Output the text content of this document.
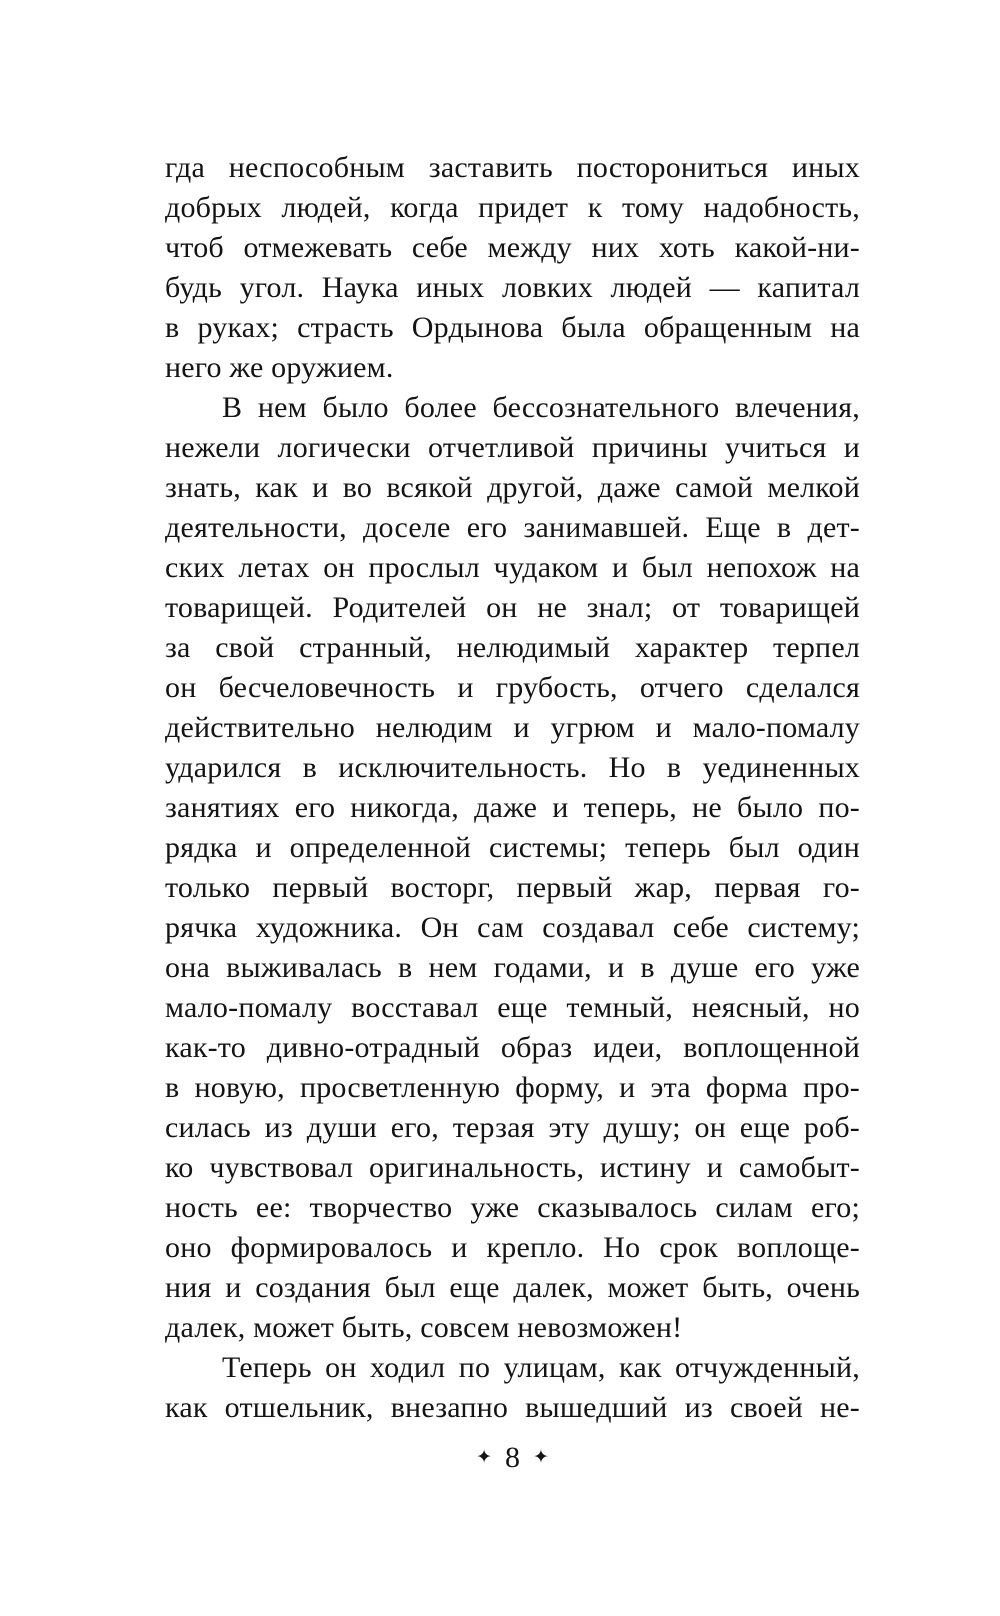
гда неспособным заставить посторониться иных
добрых людей, когда придет к тому надобность,
чтоб отмежевать себе между них хоть какой-ни-
будь угол. Наука иных ловких людей — капитал
в руках; страсть Ордынова была обращенным на
него же оружием.
В нем было более бессознательного влечения,
нежели логически отчетливой причины учиться и
знать, как и во всякой другой, даже самой мелкой
деятельности, доселе его занимавшей. Еще в дет-
ских летах он прослыл чудаком и был непохож на
товарищей. Родителей он не знал; от товарищей
за свой странный, нелюдимый характер терпел
он бесчеловечность и грубость, отчего сделался
действительно нелюдим и угрюм и мало-помалу
ударился в исключительность. Но в уединенных
занятиях его никогда, даже и теперь, не было по-
рядка и определенной системы; теперь был один
только первый восторг, первый жар, первая го-
рячка художника. Он сам создавал себе систему;
она выживалась в нем годами, и в душе его уже
мало-помалу восставал еще темный, неясный, но
как-то дивно-отрадный образ идеи, воплощенной
в новую, просветленную форму, и эта форма про-
силась из души его, терзая эту душу; он еще роб-
ко чувствовал оригинальность, истину и самобыт-
ность ее: творчество уже сказывалось силам его;
оно формировалось и крепло. Но срок воплоще-
ния и создания был еще далек, может быть, очень
далек, может быть, совсем невозможен!
Теперь он ходил по улицам, как отчужденный,
как отшельник, внезапно вышедший из своей не-
✦ 8 ✦
